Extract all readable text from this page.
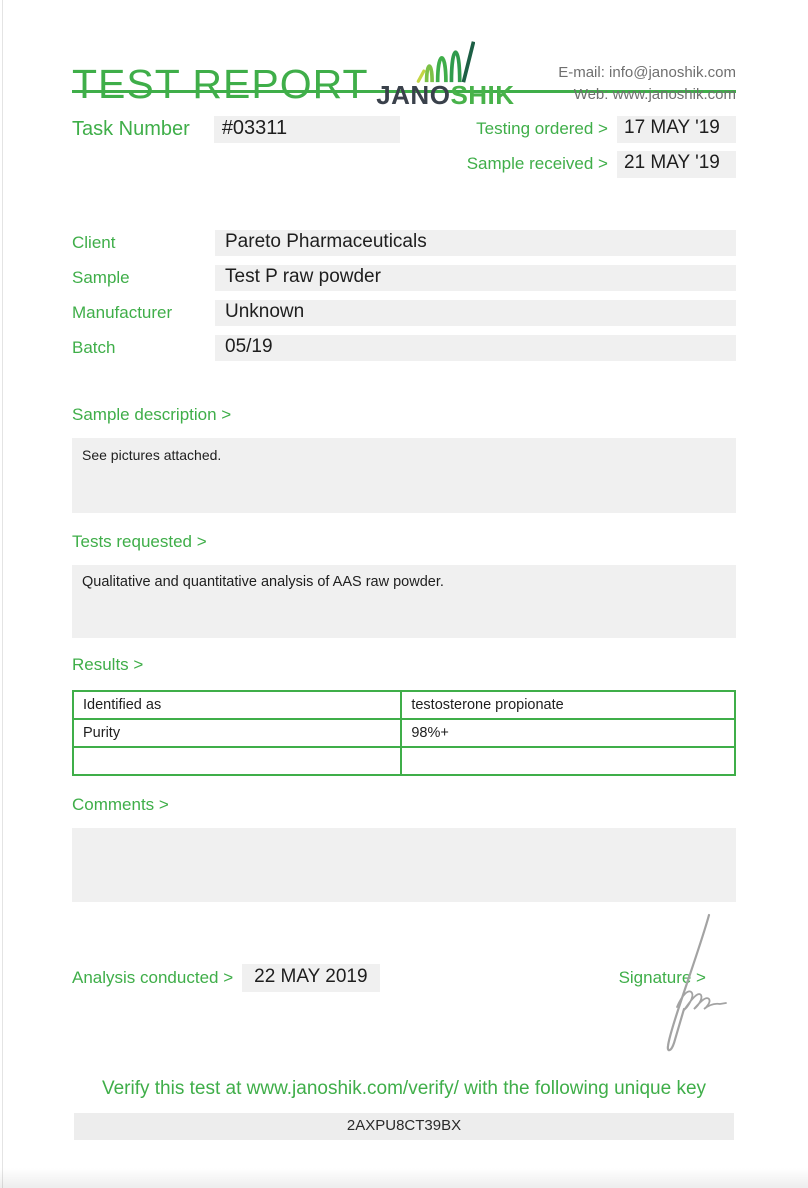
TEST REPORT JANOSHIK
E-mail: info@janoshik.com
Web: www.janoshik.com
Task Number	#03311	Testing ordered > 17 MAY '19
Sample received > 21 MAY '19
Client	Pareto Pharmaceuticals
Sample	Test P raw powder
Manufacturer	Unknown
Batch	05/19
Sample description >
See pictures attached.
Tests requested >
Qualitative and quantitative analysis of AAS raw powder.
Results >
Identified as	testosterone propionate
Purity	98%+

Comments >
Analysis conducted >	22 MAY 2019	Signature >
Verify this test at www.janoshik.com/verify/ with the following unique key
2AXPU8CT39BX
